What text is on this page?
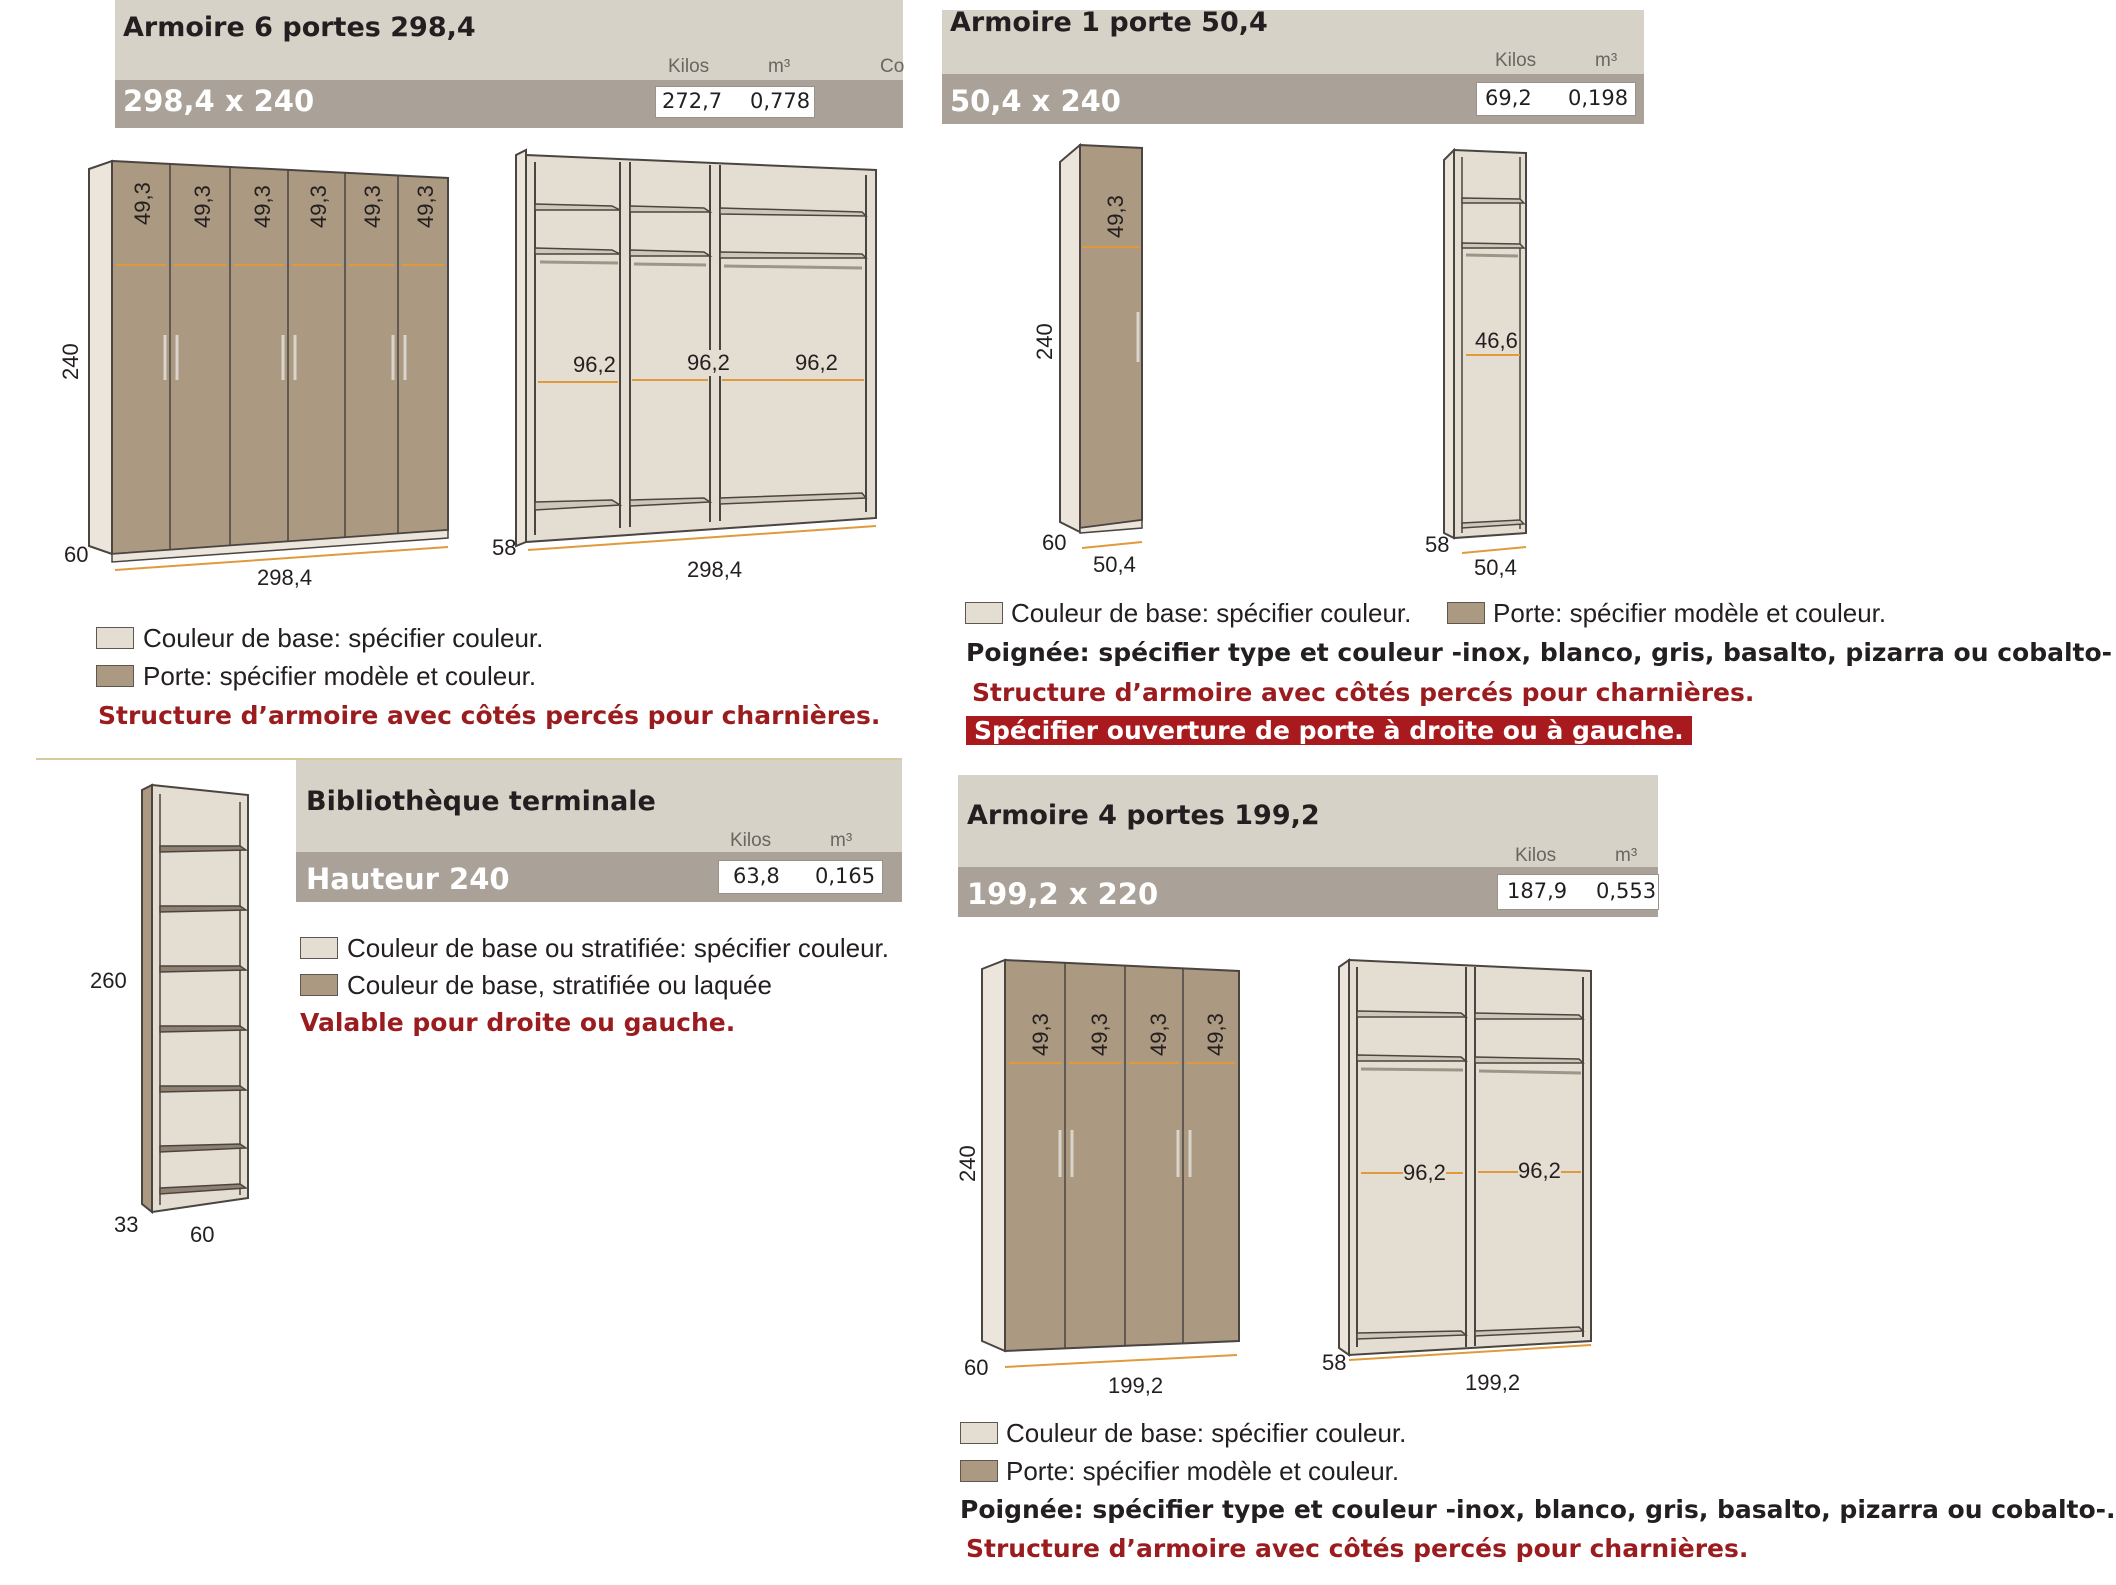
Armoire 6 portes 298,4
Kilos	m³	Co
298,4 x 240	272,7 0,778
49,3 49,3 49,3 49,3 49,3 49,3
240
60
298,4
96,2	96,2	96,2
58
298,4
Couleur de base: spécifier couleur.
Porte: spécifier modèle et couleur.
Structure d’armoire avec côtés percés pour charnières.
Armoire 1 porte 50,4
Kilos	m³
50,4 x 240	69,2 0,198
49,3
240
60
50,4
46,6
58
50,4
Couleur de base: spécifier couleur.	Porte: spécifier modèle et couleur.
Poignée: spécifier type et couleur -inox, blanco, gris, basalto, pizarra ou cobalto-
Structure d’armoire avec côtés percés pour charnières.
Spécifier ouverture de porte à droite ou à gauche.
Bibliothèque terminale
Kilos	m³
Hauteur 240	63,8 0,165
260
33 60
Couleur de base ou stratifiée: spécifier couleur.
Couleur de base, stratifiée ou laquée
Valable pour droite ou gauche.
Armoire 4 portes 199,2
Kilos	m³
199,2 x 220	187,9 0,553
49,3 49,3 49,3 49,3
240
60
199,2
96,2	96,2
58
199,2
Couleur de base: spécifier couleur.
Porte: spécifier modèle et couleur.
Poignée: spécifier type et couleur -inox, blanco, gris, basalto, pizarra ou cobalto-.
Structure d’armoire avec côtés percés pour charnières.
